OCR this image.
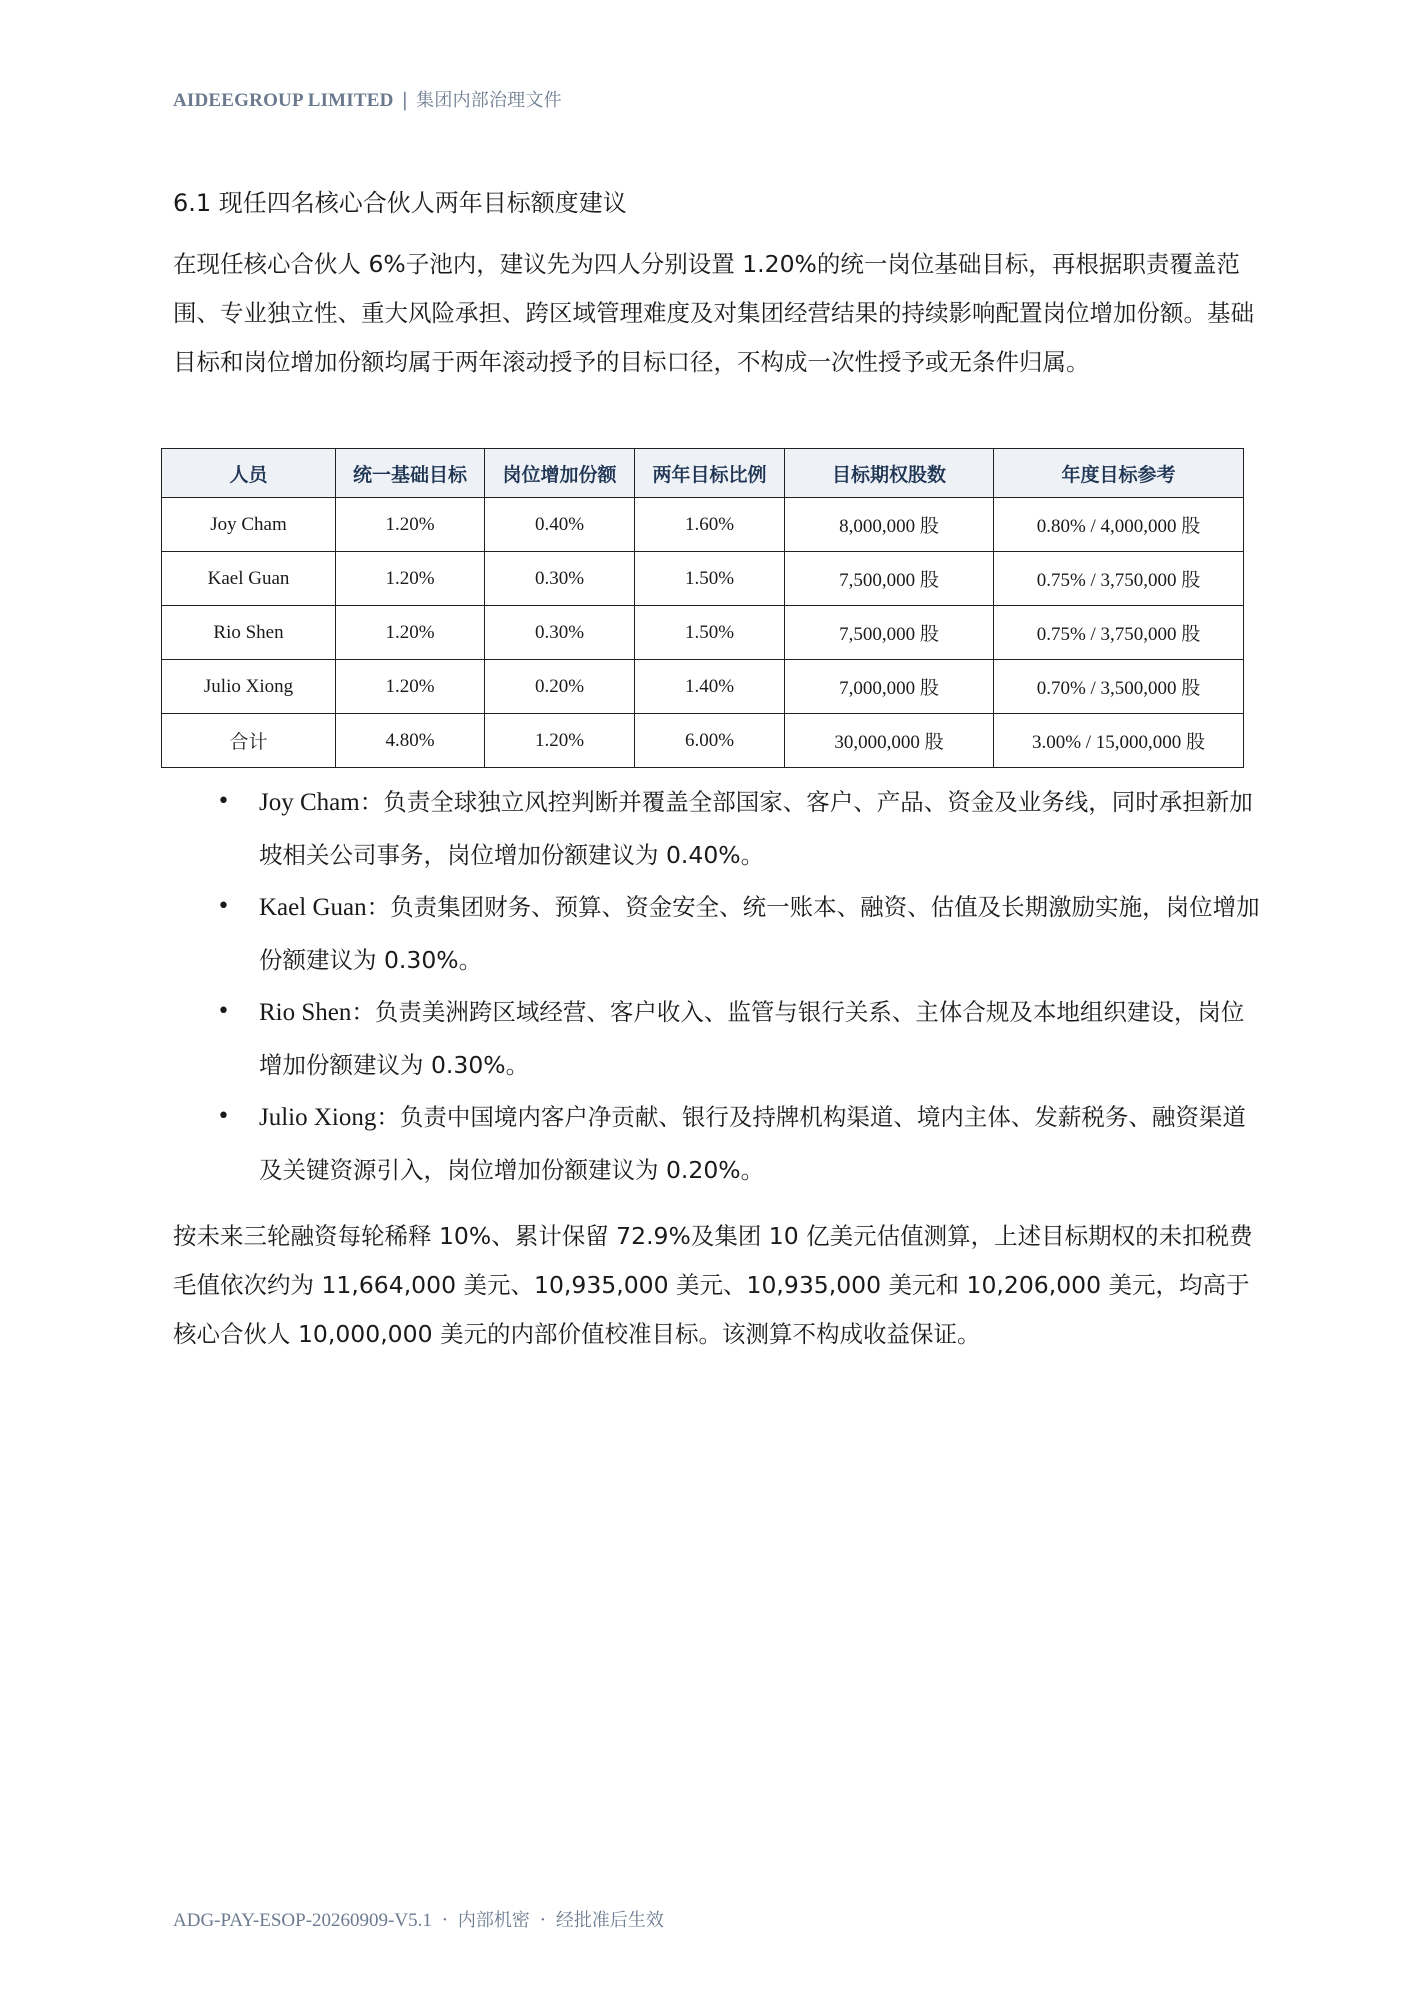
AIDEEGROUP LIMITED | 集团内部治理文件
6.1 现任四名核心合伙人两年目标额度建议
在现任核心合伙人 6%子池内，建议先为四人分别设置 1.20%的统一岗位基础目标，再根据职责覆盖范围、专业独立性、重大风险承担、跨区域管理难度及对集团经营结果的持续影响配置岗位增加份额。基础目标和岗位增加份额均属于两年滚动授予的目标口径，不构成一次性授予或无条件归属。
人员	统一基础目标	岗位增加份额	两年目标比例	目标期权股数	年度目标参考
Joy Cham	1.20%	0.40%	1.60%	8,000,000 股	0.80% / 4,000,000 股
Kael Guan	1.20%	0.30%	1.50%	7,500,000 股	0.75% / 3,750,000 股
Rio Shen	1.20%	0.30%	1.50%	7,500,000 股	0.75% / 3,750,000 股
Julio Xiong	1.20%	0.20%	1.40%	7,000,000 股	0.70% / 3,500,000 股
合计	4.80%	1.20%	6.00%	30,000,000 股	3.00% / 15,000,000 股
• Joy Cham：负责全球独立风控判断并覆盖全部国家、客户、产品、资金及业务线，同时承担新加坡相关公司事务，岗位增加份额建议为 0.40%。
• Kael Guan：负责集团财务、预算、资金安全、统一账本、融资、估值及长期激励实施，岗位增加份额建议为 0.30%。
• Rio Shen：负责美洲跨区域经营、客户收入、监管与银行关系、主体合规及本地组织建设，岗位增加份额建议为 0.30%。
• Julio Xiong：负责中国境内客户净贡献、银行及持牌机构渠道、境内主体、发薪税务、融资渠道及关键资源引入，岗位增加份额建议为 0.20%。
按未来三轮融资每轮稀释 10%、累计保留 72.9%及集团 10 亿美元估值测算，上述目标期权的未扣税费毛值依次约为 11,664,000 美元、10,935,000 美元、10,935,000 美元和 10,206,000 美元，均高于核心合伙人 10,000,000 美元的内部价值校准目标。该测算不构成收益保证。
ADG-PAY-ESOP-20260909-V5.1 · 内部机密 · 经批准后生效
